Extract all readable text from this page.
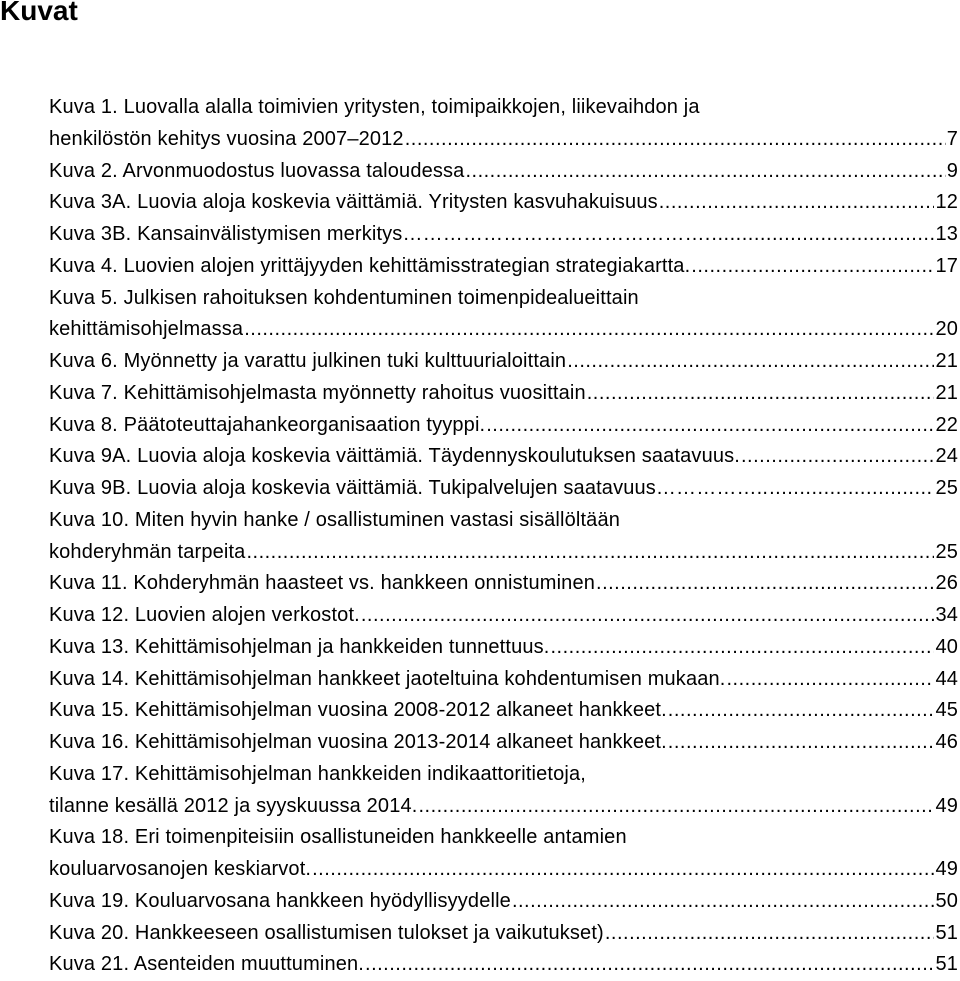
Kuvat
Kuva 1. Luovalla alalla toimivien yritysten, toimipaikkojen, liikevaihdon ja
henkilöstön kehitys vuosina 2007–2012 .....	7
Kuva 2. Arvonmuodostus luovassa taloudessa .....	9
Kuva 3A. Luovia aloja koskevia väittämiä. Yritysten kasvuhakuisuus .....	12
Kuva 3B. Kansainvälistymisen merkitys………………………………………. .....	13
Kuva 4. Luovien alojen yrittäjyyden kehittämisstrategian strategiakartta. .....	17
Kuva 5. Julkisen rahoituksen kohdentuminen toimenpidealueittain
kehittämisohjelmassa .....	20
Kuva 6. Myönnetty ja varattu julkinen tuki kulttuurialoittain .....	21
Kuva 7. Kehittämisohjelmasta myönnetty rahoitus vuosittain .....	21
Kuva 8. Päätoteuttajahankeorganisaation tyyppi. .....	22
Kuva 9A. Luovia aloja koskevia väittämiä. Täydennyskoulutuksen saatavuus. .....	24
Kuva 9B. Luovia aloja koskevia väittämiä. Tukipalvelujen saatavuus…………….. .....	25
Kuva 10. Miten hyvin hanke / osallistuminen vastasi sisällöltään
kohderyhmän tarpeita .....	25
Kuva 11. Kohderyhmän haasteet vs. hankkeen onnistuminen .....	26
Kuva 12. Luovien alojen verkostot. .....	34
Kuva 13. Kehittämisohjelman ja hankkeiden tunnettuus. .....	40
Kuva 14. Kehittämisohjelman hankkeet jaoteltuina kohdentumisen mukaan. .....	44
Kuva 15. Kehittämisohjelman vuosina 2008-2012 alkaneet hankkeet. .....	45
Kuva 16. Kehittämisohjelman vuosina 2013-2014 alkaneet hankkeet. .....	46
Kuva 17. Kehittämisohjelman hankkeiden indikaattoritietoja,
tilanne kesällä 2012 ja syyskuussa 2014. .....	49
Kuva 18. Eri toimenpiteisiin osallistuneiden hankkeelle antamien
kouluarvosanojen keskiarvot. .....	49
Kuva 19. Kouluarvosana hankkeen hyödyllisyydelle .....	50
Kuva 20. Hankkeeseen osallistumisen tulokset ja vaikutukset) .....	51
Kuva 21. Asenteiden muuttuminen. .....	51
